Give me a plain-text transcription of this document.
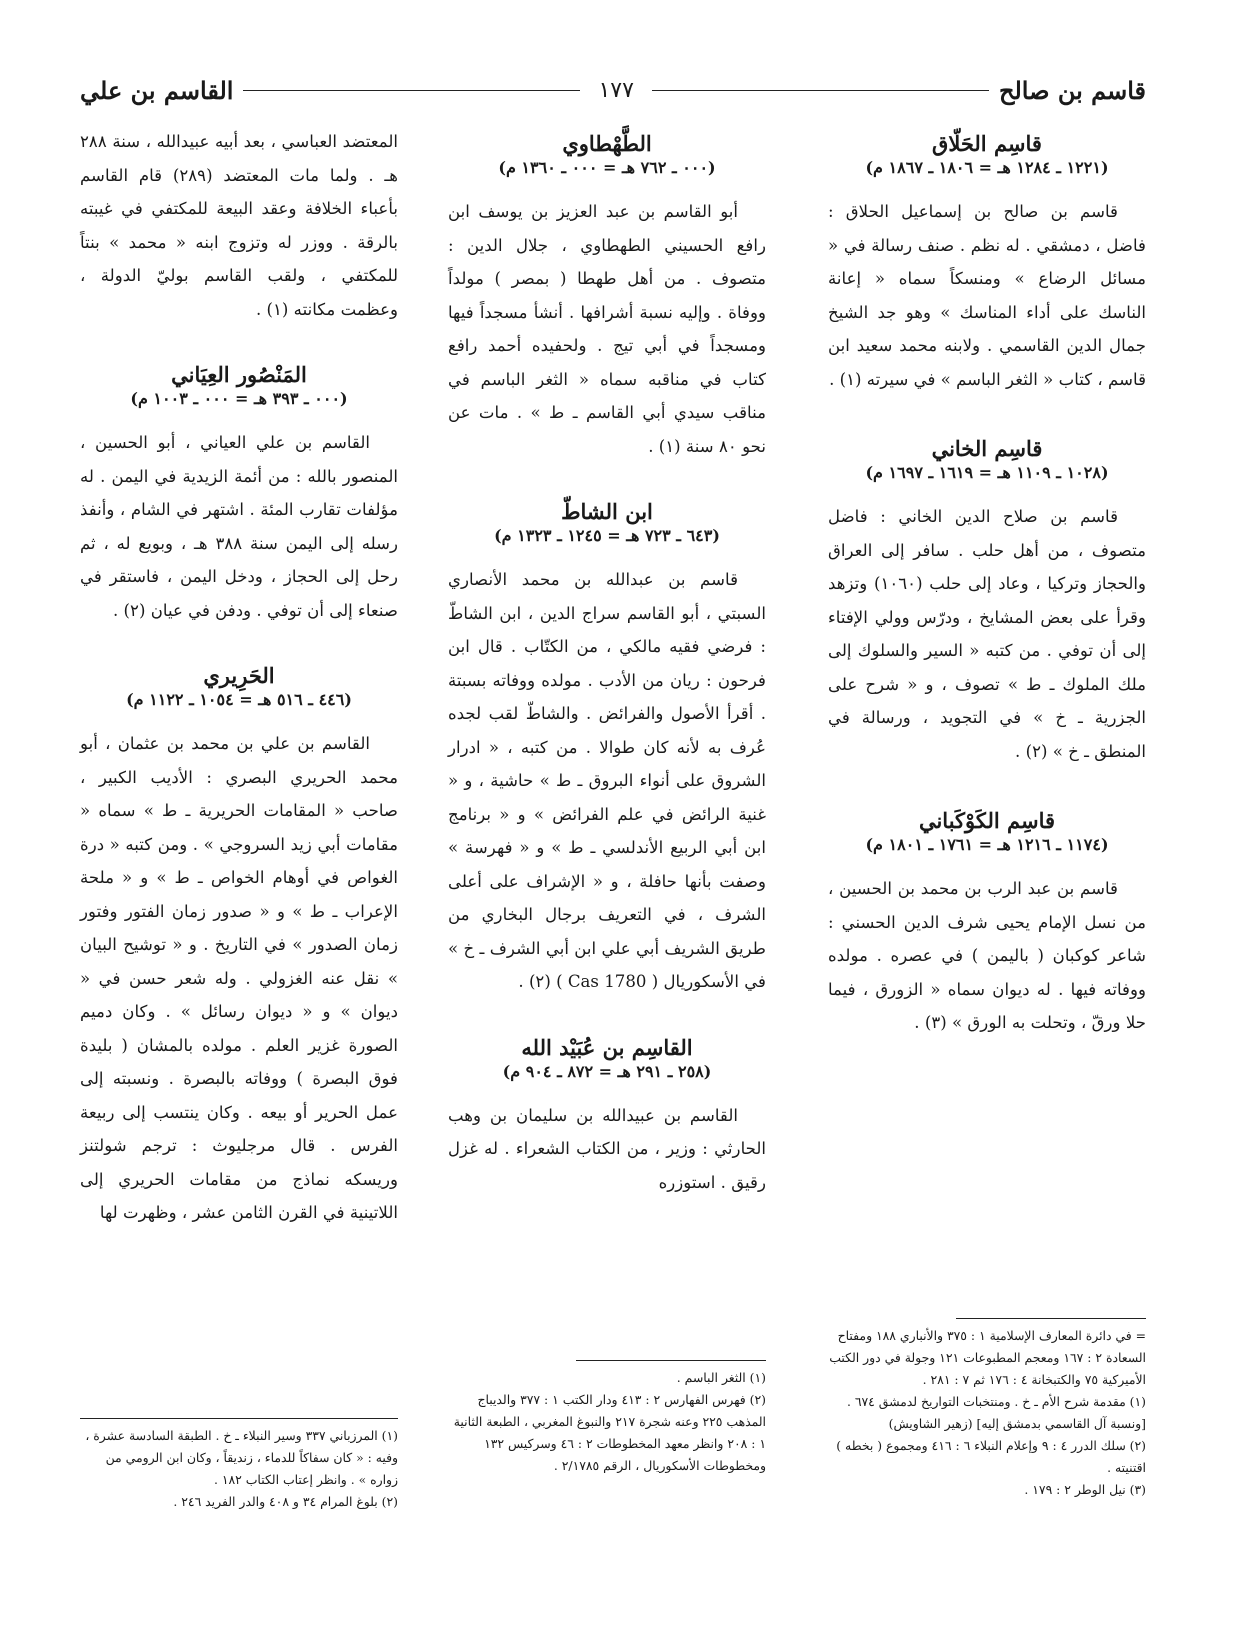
قاسم بن صالح
١٧٧
القاسم بن علي
قاسِم الحَلّاق
(١٢٢١ ـ ١٢٨٤ هـ = ١٨٠٦ ـ ١٨٦٧ م)
قاسم بن صالح بن إسماعيل الحلاق : فاضل ، دمشقي . له نظم . صنف رسالة في « مسائل الرضاع » ومنسكاً سماه « إعانة الناسك على أداء المناسك » وهو جد الشيخ جمال الدين القاسمي . ولابنه محمد سعيد ابن قاسم ، كتاب « الثغر الباسم » في سيرته (١) .
قاسِم الخاني
(١٠٢٨ ـ ١١٠٩ هـ = ١٦١٩ ـ ١٦٩٧ م)
قاسم بن صلاح الدين الخاني : فاضل متصوف ، من أهل حلب . سافر إلى العراق والحجاز وتركيا ، وعاد إلى حلب (١٠٦٠) وتزهد وقرأ على بعض المشايخ ، ودرّس وولي الإفتاء إلى أن توفي . من كتبه « السير والسلوك إلى ملك الملوك ـ ط » تصوف ، و « شرح على الجزرية ـ خ » في التجويد ، ورسالة في المنطق ـ خ » (٢) .
قاسِم الكَوْكَباني
(١١٧٤ ـ ١٢١٦ هـ = ١٧٦١ ـ ١٨٠١ م)
قاسم بن عبد الرب بن محمد بن الحسين ، من نسل الإمام يحيى شرف الدين الحسني : شاعر كوكبان ( باليمن ) في عصره . مولده ووفاته فيها . له ديوان سماه « الزورق ، فيما حلا ورقّ ، وتحلت به الورق » (٣) .
الطَّهْطاوي
(٠٠٠ ـ ٧٦٢ هـ = ٠٠٠ ـ ١٣٦٠ م)
أبو القاسم بن عبد العزيز بن يوسف ابن رافع الحسيني الطهطاوي ، جلال الدين : متصوف . من أهل طهطا ( بمصر ) مولداً ووفاة . وإليه نسبة أشرافها . أنشأ مسجداً فيها ومسجداً في أبي تيج . ولحفيده أحمد رافع كتاب في مناقبه سماه « الثغر الباسم في مناقب سيدي أبي القاسم ـ ط » . مات عن نحو ٨٠ سنة (١) .
ابن الشاطّ
(٦٤٣ ـ ٧٢٣ هـ = ١٢٤٥ ـ ١٣٢٣ م)
قاسم بن عبدالله بن محمد الأنصاري السبتي ، أبو القاسم سراج الدين ، ابن الشاطّ : فرضي فقيه مالكي ، من الكتّاب . قال ابن فرحون : ريان من الأدب . مولده ووفاته بسبتة . أقرأ الأصول والفرائض . والشاطّ لقب لجده عُرف به لأنه كان طوالا . من كتبه ، « ادرار الشروق على أنواء البروق ـ ط » حاشية ، و « غنية الرائض في علم الفرائض » و « برنامج ابن أبي الربيع الأندلسي ـ ط » و « فهرسة » وصفت بأنها حافلة ، و « الإشراف على أعلى الشرف ، في التعريف برجال البخاري من طريق الشريف أبي علي ابن أبي الشرف ـ خ » في الأسكوريال ( Cas 1780 ) (٢) .
القاسِم بن عُبَيْد الله
(٢٥٨ ـ ٢٩١ هـ = ٨٧٢ ـ ٩٠٤ م)
القاسم بن عبيدالله بن سليمان بن وهب الحارثي : وزير ، من الكتاب الشعراء . له غزل رقيق . استوزره
المعتضد العباسي ، بعد أبيه عبيدالله ، سنة ٢٨٨ هـ . ولما مات المعتضد (٢٨٩) قام القاسم بأعباء الخلافة وعقد البيعة للمكتفي في غيبته بالرقة . ووزر له وتزوج ابنه « محمد » بنتاً للمكتفي ، ولقب القاسم بوليّ الدولة ، وعظمت مكانته (١) .
المَنْصُور العِيَاني
(٠٠٠ ـ ٣٩٣ هـ = ٠٠٠ ـ ١٠٠٣ م)
القاسم بن علي العياني ، أبو الحسين ، المنصور بالله : من أئمة الزيدية في اليمن . له مؤلفات تقارب المئة . اشتهر في الشام ، وأنفذ رسله إلى اليمن سنة ٣٨٨ هـ ، وبويع له ، ثم رحل إلى الحجاز ، ودخل اليمن ، فاستقر في صنعاء إلى أن توفي . ودفن في عيان (٢) .
الحَرِيري
(٤٤٦ ـ ٥١٦ هـ = ١٠٥٤ ـ ١١٢٢ م)
القاسم بن علي بن محمد بن عثمان ، أبو محمد الحريري البصري : الأديب الكبير ، صاحب « المقامات الحريرية ـ ط » سماه « مقامات أبي زيد السروجي » . ومن كتبه « درة الغواص في أوهام الخواص ـ ط » و « ملحة الإعراب ـ ط » و « صدور زمان الفتور وفتور زمان الصدور » في التاريخ . و « توشيح البيان » نقل عنه الغزولي . وله شعر حسن في « ديوان » و « ديوان رسائل » . وكان دميم الصورة غزير العلم . مولده بالمشان ( بليدة فوق البصرة ) ووفاته بالبصرة . ونسبته إلى عمل الحرير أو بيعه . وكان ينتسب إلى ربيعة الفرس . قال مرجليوث : ترجم شولتنز وريسكه نماذج من مقامات الحريري إلى اللاتينية في القرن الثامن عشر ، وظهرت لها

= في دائرة المعارف الإسلامية ١ : ٣٧٥ والأنباري ١٨٨ ومفتاح السعادة ٢ : ١٦٧ ومعجم المطبوعات ١٢١ وجولة في دور الكتب الأميركية ٧٥ والكتبخانة ٤ : ١٧٦ ثم ٧ : ٢٨١ .

(١) مقدمة شرح الأم ـ خ . ومنتخبات التواريخ لدمشق ٦٧٤ . [ونسبة آل القاسمي بدمشق إليه] (زهير الشاويش)

(٢) سلك الدرر ٤ : ٩ وإعلام النبلاء ٦ : ٤١٦ ومجموع ( بخطه ) اقتنيته .

(٣) نيل الوطر ٢ : ١٧٩ .

(١) الثغر الباسم .

(٢) فهرس الفهارس ٢ : ٤١٣ ودار الكتب ١ : ٣٧٧ والديباج المذهب ٢٢٥ وعنه شجرة ٢١٧ والنبوغ المغربي ، الطبعة الثانية ١ : ٢٠٨ وانظر معهد المخطوطات ٢ : ٤٦ وسركيس ١٣٢ ومخطوطات الأسكوريال ، الرقم ٢/١٧٨٥ .

(١) المرزباني ٣٣٧ وسير النبلاء ـ خ . الطبقة السادسة عشرة ، وفيه : « كان سفاكاً للدماء ، زنديقاً ، وكان ابن الرومي من زواره » . وانظر إعتاب الكتاب ١٨٢ .

(٢) بلوغ المرام ٣٤ و ٤٠٨ والدر الفريد ٢٤٦ .
